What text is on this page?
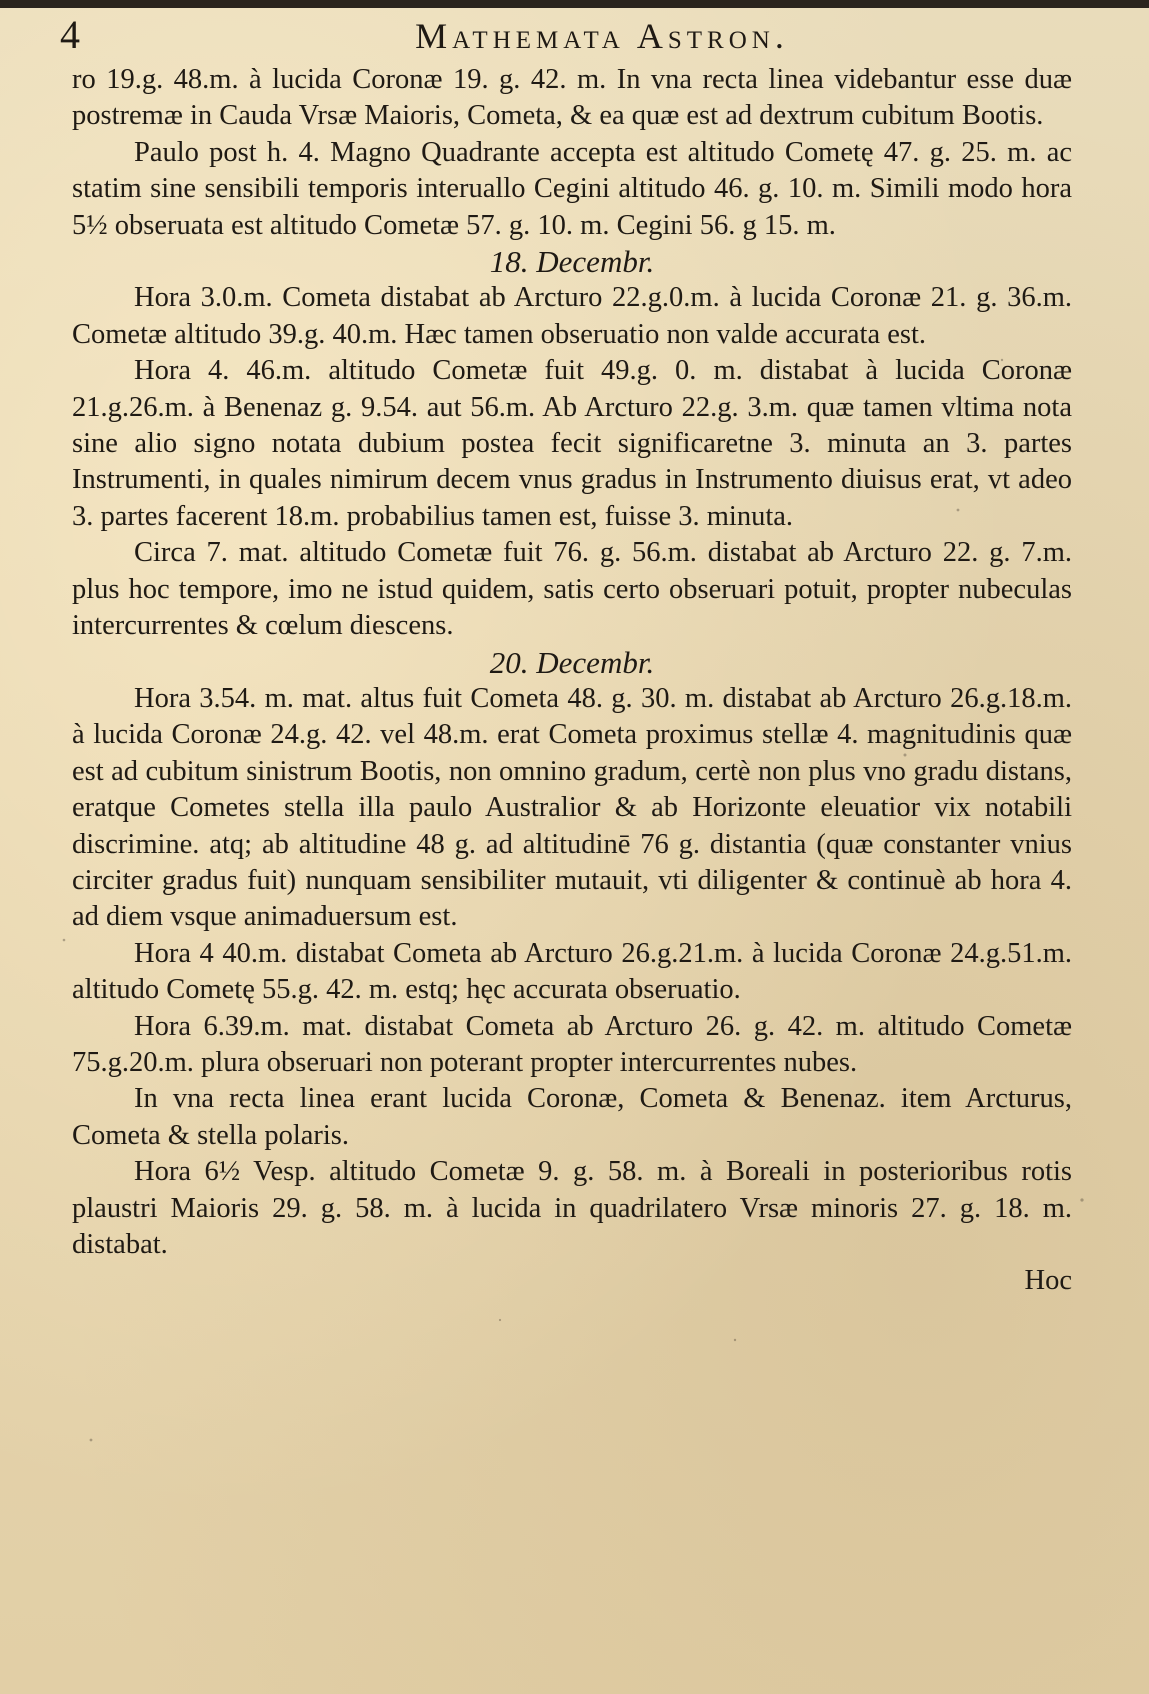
4	Mathemata Astron.

ro 19.g. 48.m. à lucida Coronæ 19. g. 42. m. In vna recta linea videbantur esse duæ postremæ in Cauda Vrsæ Maioris, Cometa, & ea quæ est ad dextrum cubitum Bootis.

Paulo post h. 4. Magno Quadrante accepta est altitudo Cometę 47. g. 25. m. ac statim sine sensibili temporis interuallo Cegini altitudo 46. g. 10. m. Simili modo hora 5½ obseruata est altitudo Cometæ 57. g. 10. m. Cegini 56. g 15. m.

18. Decembr.

Hora 3.0.m. Cometa distabat ab Arcturo 22.g.0.m. à lucida Coronæ 21. g. 36.m. Cometæ altitudo 39.g. 40.m. Hæc tamen obseruatio non valde accurata est.

Hora 4. 46.m. altitudo Cometæ fuit 49.g. 0. m. distabat à lucida Coronæ 21.g.26.m. à Benenaz g. 9.54. aut 56.m. Ab Arcturo 22.g. 3.m. quæ tamen vltima nota sine alio signo notata dubium postea fecit significaretne 3. minuta an 3. partes Instrumenti, in quales nimirum decem vnus gradus in Instrumento diuisus erat, vt adeo 3. partes facerent 18.m. probabilius tamen est, fuisse 3. minuta.

Circa 7. mat. altitudo Cometæ fuit 76. g. 56.m. distabat ab Arcturo 22. g. 7.m. plus hoc tempore, imo ne istud quidem, satis certo obseruari potuit, propter nubeculas intercurrentes & cœlum diescens.

20. Decembr.

Hora 3.54. m. mat. altus fuit Cometa 48. g. 30. m. distabat ab Arcturo 26.g.18.m. à lucida Coronæ 24.g. 42. vel 48.m. erat Cometa proximus stellæ 4. magnitudinis quæ est ad cubitum sinistrum Bootis, non omnino gradum, certè non plus vno gradu distans, eratque Cometes stella illa paulo Australior & ab Horizonte eleuatior vix notabili discrimine. atq; ab altitudine 48 g. ad altitudinē 76 g. distantia (quæ constanter vnius circiter gradus fuit) nunquam sensibiliter mutauit, vti diligenter & continuè ab hora 4. ad diem vsque animaduersum est.

Hora 4 40.m. distabat Cometa ab Arcturo 26.g.21.m. à lucida Coronæ 24.g.51.m. altitudo Cometę 55.g. 42. m. estq; hęc accurata obseruatio.

Hora 6.39.m. mat. distabat Cometa ab Arcturo 26. g. 42. m. altitudo Cometæ 75.g.20.m. plura obseruari non poterant propter intercurrentes nubes.

In vna recta linea erant lucida Coronæ, Cometa & Benenaz. item Arcturus, Cometa & stella polaris.

Hora 6½ Vesp. altitudo Cometæ 9. g. 58. m. à Boreali in posterioribus rotis plaustri Maioris 29. g. 58. m. à lucida in quadrilatero Vrsæ minoris 27. g. 18. m. distabat.

Hoc
